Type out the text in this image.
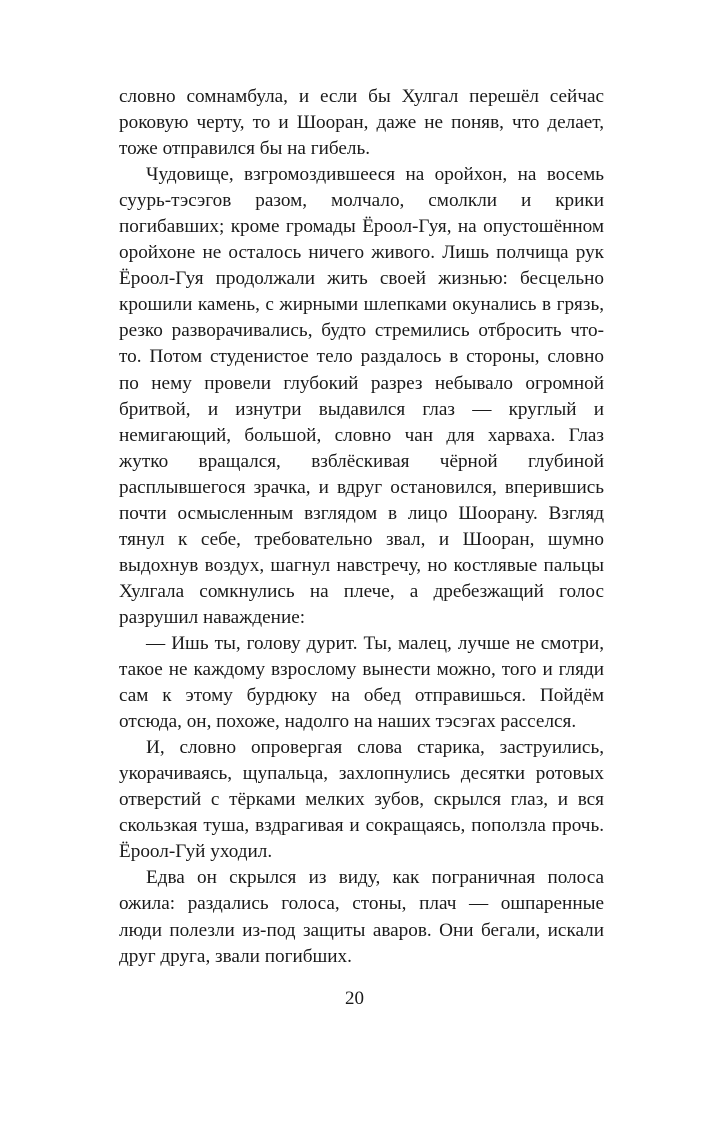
словно сомнамбула, и если бы Хулгал перешёл сейчас роковую черту, то и Шооран, даже не поняв, что делает, тоже отправился бы на гибель.

Чудовище, взгромоздившееся на оройхон, на восемь суурь-тэсэгов разом, молчало, смолкли и крики погибавших; кроме громады Ёроол-Гуя, на опустошённом оройхоне не осталось ничего живого. Лишь полчища рук Ёроол-Гуя продолжали жить своей жизнью: бесцельно крошили камень, с жирными шлепками окунались в грязь, резко разворачивались, будто стремились отбросить что-то. Потом студенистое тело раздалось в стороны, словно по нему провели глубокий разрез небывало огромной бритвой, и изнутри выдавился глаз — круглый и немигающий, большой, словно чан для харваха. Глаз жутко вращался, взблёскивая чёрной глубиной расплывшегося зрачка, и вдруг остановился, вперившись почти осмысленным взглядом в лицо Шоорану. Взгляд тянул к себе, требовательно звал, и Шооран, шумно выдохнув воздух, шагнул навстречу, но костлявые пальцы Хулгала сомкнулись на плече, а дребезжащий голос разрушил наваждение:

— Ишь ты, голову дурит. Ты, малец, лучше не смотри, такое не каждому взрослому вынести можно, того и гляди сам к этому бурдюку на обед отправишься. Пойдём отсюда, он, похоже, надолго на наших тэсэгах расселся.

И, словно опровергая слова старика, заструились, укорачиваясь, щупальца, захлопнулись десятки ротовых отверстий с тёрками мелких зубов, скрылся глаз, и вся скользкая туша, вздрагивая и сокращаясь, поползла прочь. Ёроол-Гуй уходил.

Едва он скрылся из виду, как пограничная полоса ожила: раздались голоса, стоны, плач — ошпаренные люди полезли из-под защиты аваров. Они бегали, искали друг друга, звали погибших.

20
